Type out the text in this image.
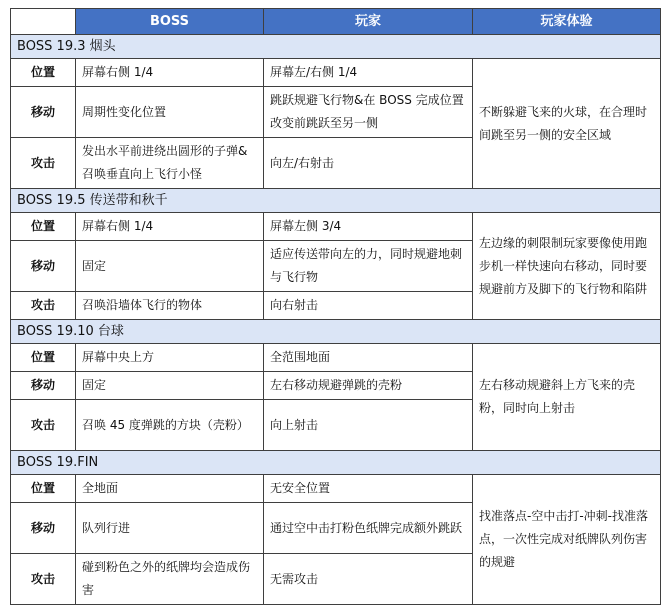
	BOSS	玩家	玩家体验
BOSS 19.3 烟头			
位置	屏幕右侧 1/4	屏幕左/右侧 1/4	不断躲避飞来的火球，在合理时间跳至另一侧的安全区域
移动	周期性变化位置	跳跃规避飞行物&在 BOSS 完成位置改变前跳跃至另一侧	
攻击	发出水平前进绕出圆形的子弹&召唤垂直向上飞行小怪	向左/右射击	
BOSS 19.5 传送带和秋千			
位置	屏幕右侧 1/4	屏幕左侧 3/4	左边缘的刺限制玩家要像使用跑步机一样快速向右移动，同时要规避前方及脚下的飞行物和陷阱
移动	固定	适应传送带向左的力，同时规避地刺与飞行物	
攻击	召唤沿墙体飞行的物体	向右射击	
BOSS 19.10 台球			
位置	屏幕中央上方	全范围地面	左右移动规避斜上方飞来的壳粉，同时向上射击
移动	固定	左右移动规避弹跳的壳粉	
攻击	召唤 45 度弹跳的方块（壳粉）	向上射击	
BOSS 19.FIN			
位置	全地面	无安全位置	找准落点-空中击打-冲刺-找准落点，一次性完成对纸牌队列伤害的规避
移动	队列行进	通过空中击打粉色纸牌完成额外跳跃	
攻击	碰到粉色之外的纸牌均会造成伤害	无需攻击	
